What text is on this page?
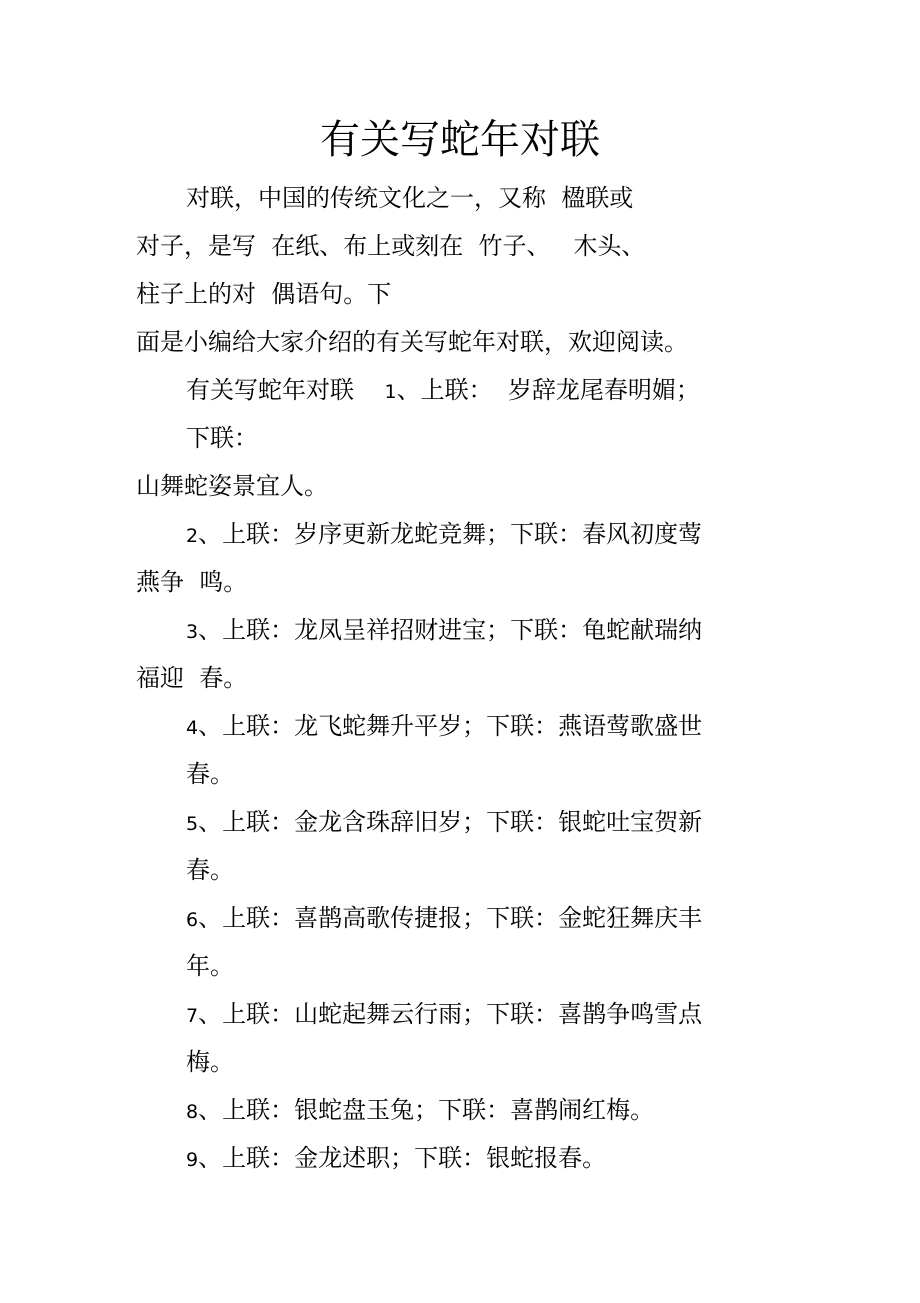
有关写蛇年对联
对联，中国的传统文化之一，又称  楹联或
对子，是写  在纸、布上或刻在  竹子、   木头、
柱子上的对  偶语句。下
面是小编给大家介绍的有关写蛇年对联，欢迎阅读。
有关写蛇年对联 1、上联：  岁辞龙尾春明媚；
下联：
山舞蛇姿景宜人。
2、上联：岁序更新龙蛇竞舞；下联：春风初度莺
燕争  鸣。
3、上联：龙凤呈祥招财进宝；下联：龟蛇献瑞纳
福迎  春。
4、上联：龙飞蛇舞升平岁；下联：燕语莺歌盛世
春。
5、上联：金龙含珠辞旧岁；下联：银蛇吐宝贺新
春。
6、上联：喜鹊高歌传捷报；下联：金蛇狂舞庆丰
年。
7、上联：山蛇起舞云行雨；下联：喜鹊争鸣雪点
梅。
8、上联：银蛇盘玉兔；下联：喜鹊闹红梅。
9、上联：金龙述职；下联：银蛇报春。
